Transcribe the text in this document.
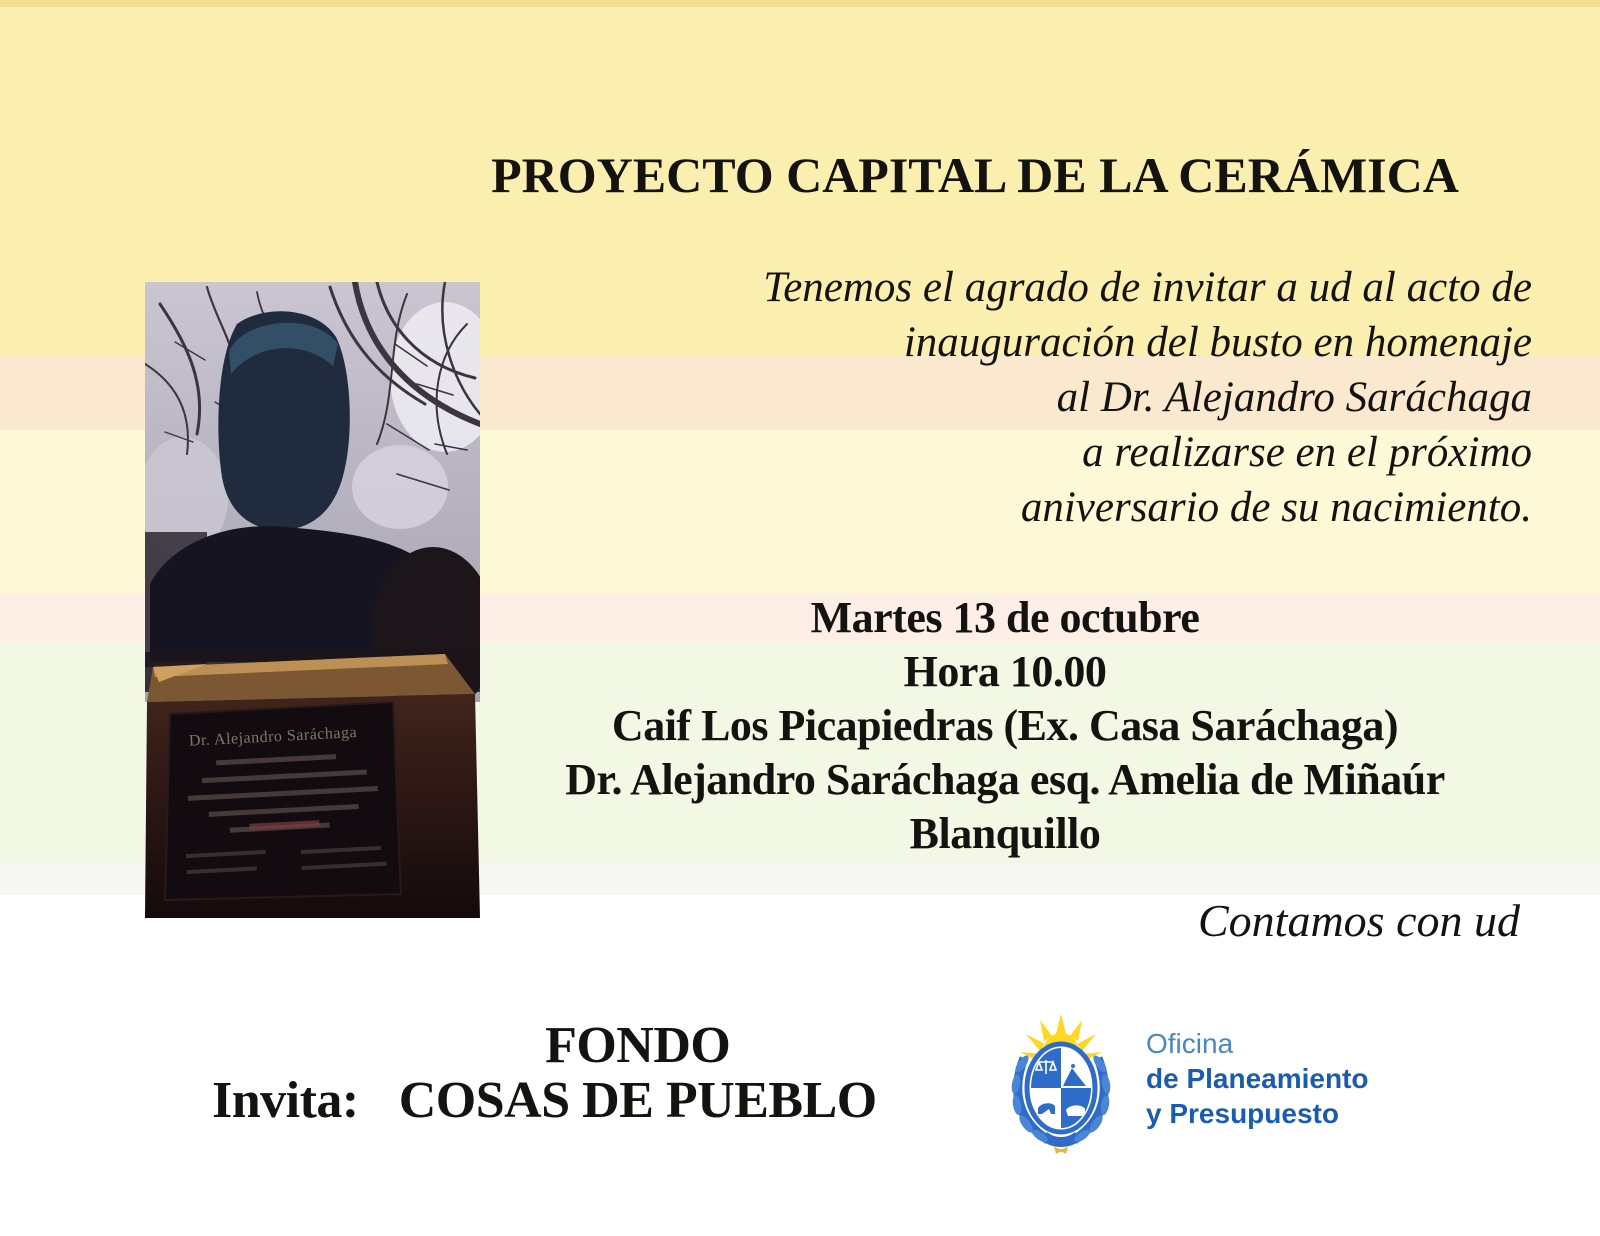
PROYECTO CAPITAL DE LA CERÁMICA
Dr. Alejandro Saráchaga
Tenemos el agrado de invitar a ud al acto de
inauguración del busto en homenaje
al Dr. Alejandro Saráchaga
a realizarse en el próximo
aniversario de su nacimiento.
Martes 13 de octubre
Hora 10.00
Caif Los Picapiedras (Ex. Casa Saráchaga)
Dr. Alejandro Saráchaga esq. Amelia de Miñaúr
Blanquillo
Contamos con ud
Invita:
FONDO
COSAS DE PUEBLO
Oficina
de Planeamiento
y Presupuesto
